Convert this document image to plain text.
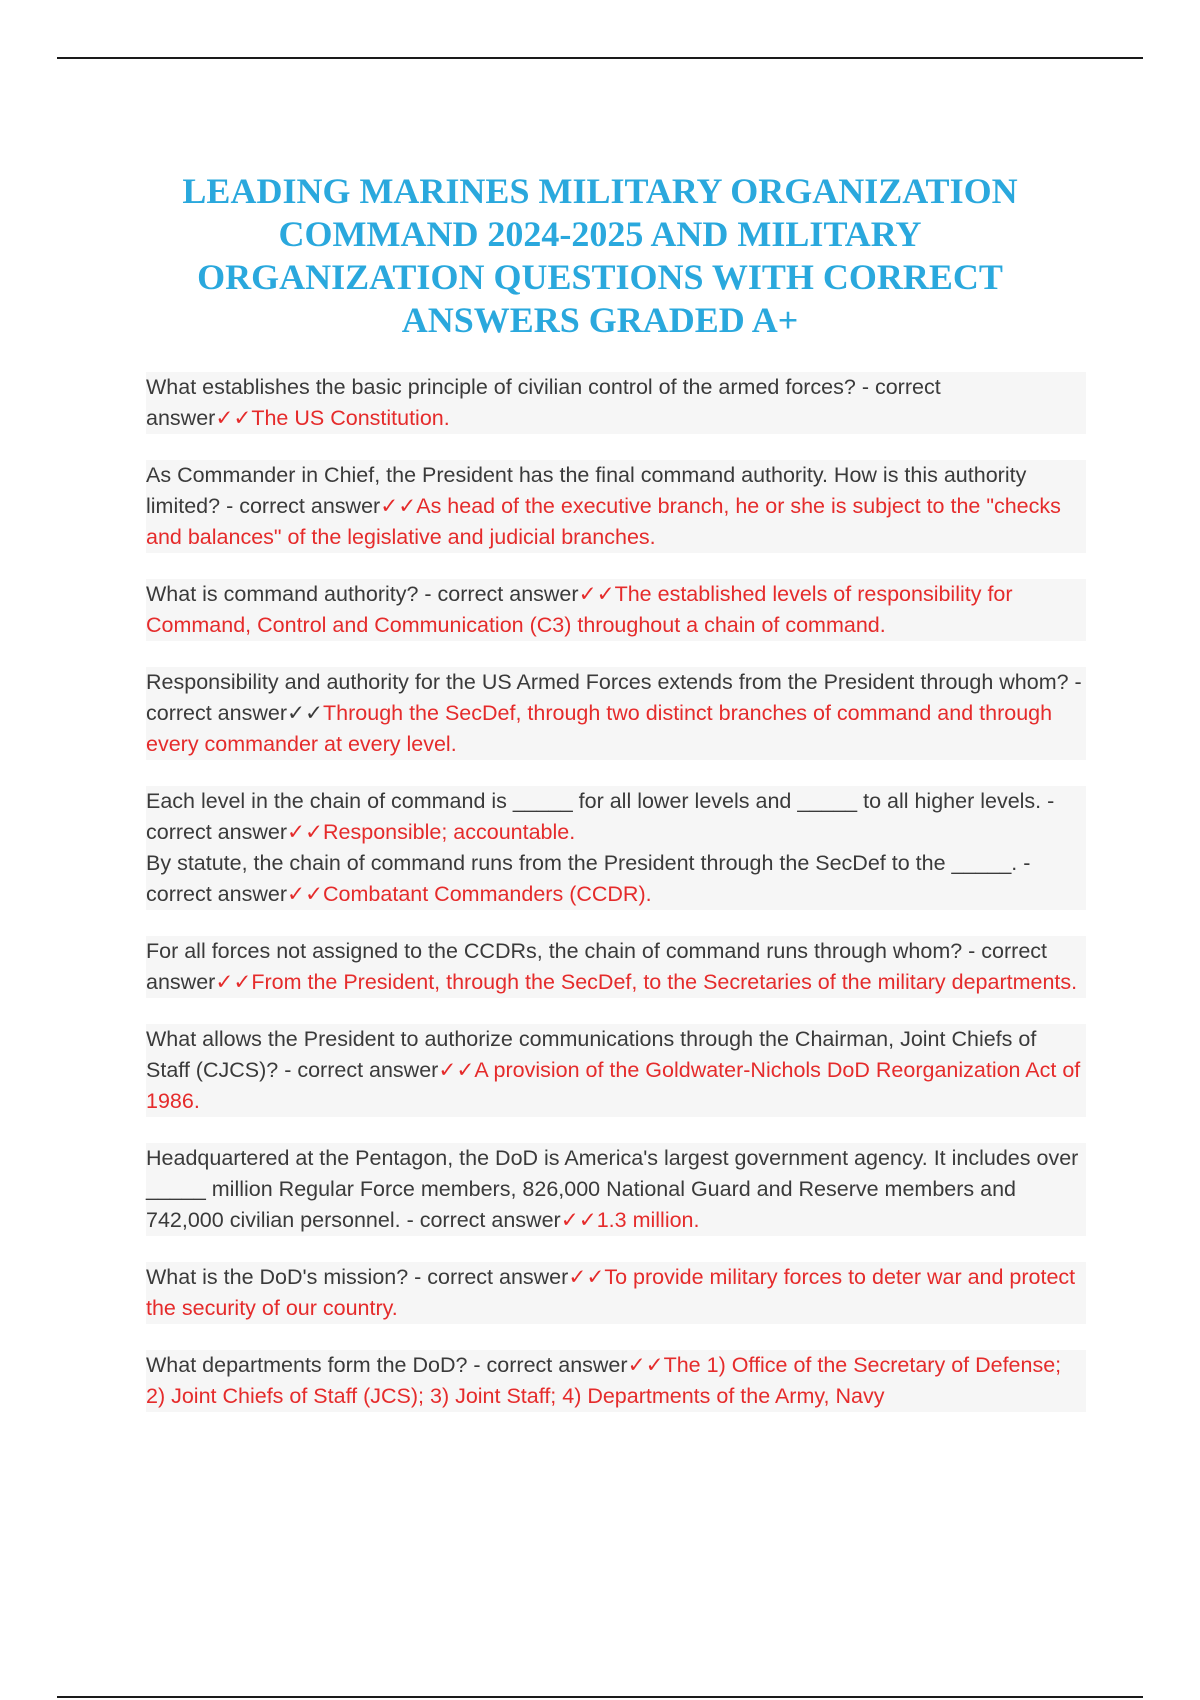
LEADING MARINES MILITARY ORGANIZATION COMMAND 2024-2025 AND MILITARY ORGANIZATION QUESTIONS WITH CORRECT ANSWERS GRADED A+

What establishes the basic principle of civilian control of the armed forces? - correct answer✓✓The US Constitution.

As Commander in Chief, the President has the final command authority. How is this authority limited? - correct answer✓✓As head of the executive branch, he or she is subject to the "checks and balances" of the legislative and judicial branches.

What is command authority? - correct answer✓✓The established levels of responsibility for Command, Control and Communication (C3) throughout a chain of command.

Responsibility and authority for the US Armed Forces extends from the President through whom? - correct answer✓✓Through the SecDef, through two distinct branches of command and through every commander at every level.

Each level in the chain of command is _____ for all lower levels and _____ to all higher levels. - correct answer✓✓Responsible; accountable.

By statute, the chain of command runs from the President through the SecDef to the _____. - correct answer✓✓Combatant Commanders (CCDR).

For all forces not assigned to the CCDRs, the chain of command runs through whom? - correct answer✓✓From the President, through the SecDef, to the Secretaries of the military departments.

What allows the President to authorize communications through the Chairman, Joint Chiefs of Staff (CJCS)? - correct answer✓✓A provision of the Goldwater-Nichols DoD Reorganization Act of 1986.

Headquartered at the Pentagon, the DoD is America's largest government agency. It includes over _____ million Regular Force members, 826,000 National Guard and Reserve members and 742,000 civilian personnel. - correct answer✓✓1.3 million.

What is the DoD's mission? - correct answer✓✓To provide military forces to deter war and protect the security of our country.

What departments form the DoD? - correct answer✓✓The 1) Office of the Secretary of Defense; 2) Joint Chiefs of Staff (JCS); 3) Joint Staff; 4) Departments of the Army, Navy
